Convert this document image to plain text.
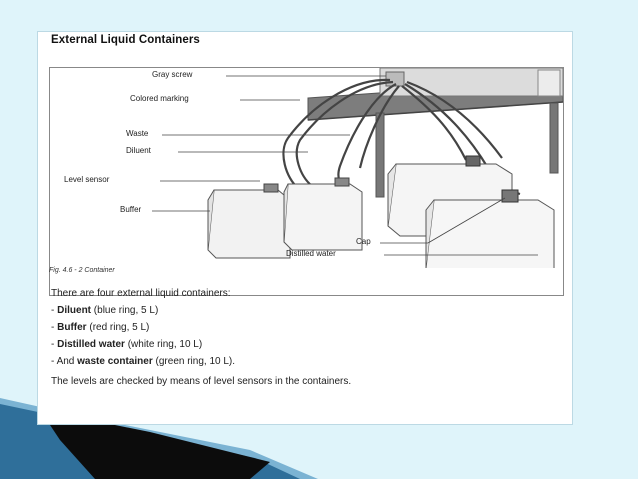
External Liquid Containers
Gray screw
Colored marking
Waste
Diluent
Level sensor
Buffer
Cap
Distilled water
Fig. 4.6 - 2 Container
There are four external liquid containers:
- Diluent (blue ring, 5 L)
- Buffer (red ring, 5 L)
- Distilled water (white ring, 10 L)
- And waste container (green ring, 10 L).
The levels are checked by means of level sensors in the containers.
